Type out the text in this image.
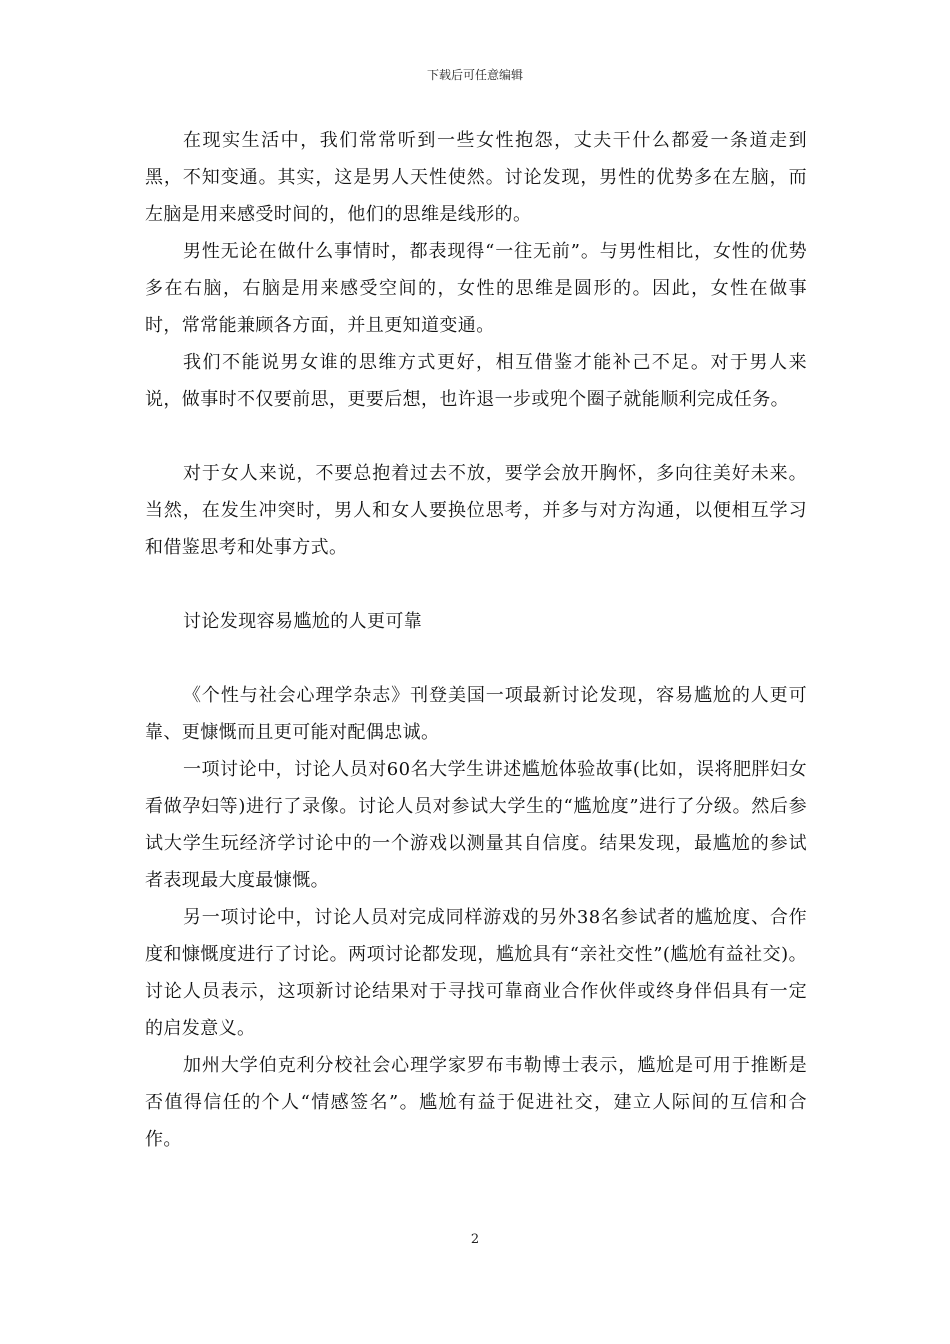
下载后可任意编辑

在现实生活中，我们常常听到一些女性抱怨，丈夫干什么都爱一条道走到黑，不知变通。其实，这是男人天性使然。讨论发现，男性的优势多在左脑，而左脑是用来感受时间的，他们的思维是线形的。

男性无论在做什么事情时，都表现得“一往无前”。与男性相比，女性的优势多在右脑，右脑是用来感受空间的，女性的思维是圆形的。因此，女性在做事时，常常能兼顾各方面，并且更知道变通。

我们不能说男女谁的思维方式更好，相互借鉴才能补己不足。对于男人来说，做事时不仅要前思，更要后想，也许退一步或兜个圈子就能顺利完成任务。

对于女人来说，不要总抱着过去不放，要学会放开胸怀，多向往美好未来。当然，在发生冲突时，男人和女人要换位思考，并多与对方沟通，以便相互学习和借鉴思考和处事方式。

讨论发现容易尴尬的人更可靠

《个性与社会心理学杂志》刊登美国一项最新讨论发现，容易尴尬的人更可靠、更慷慨而且更可能对配偶忠诚。

一项讨论中，讨论人员对60名大学生讲述尴尬体验故事(比如，误将肥胖妇女看做孕妇等)进行了录像。讨论人员对参试大学生的“尴尬度”进行了分级。然后参试大学生玩经济学讨论中的一个游戏以测量其自信度。结果发现，最尴尬的参试者表现最大度最慷慨。

另一项讨论中，讨论人员对完成同样游戏的另外38名参试者的尴尬度、合作度和慷慨度进行了讨论。两项讨论都发现，尴尬具有“亲社交性”(尴尬有益社交)。讨论人员表示，这项新讨论结果对于寻找可靠商业合作伙伴或终身伴侣具有一定的启发意义。

加州大学伯克利分校社会心理学家罗布韦勒博士表示，尴尬是可用于推断是否值得信任的个人“情感签名”。尴尬有益于促进社交，建立人际间的互信和合作。

2
